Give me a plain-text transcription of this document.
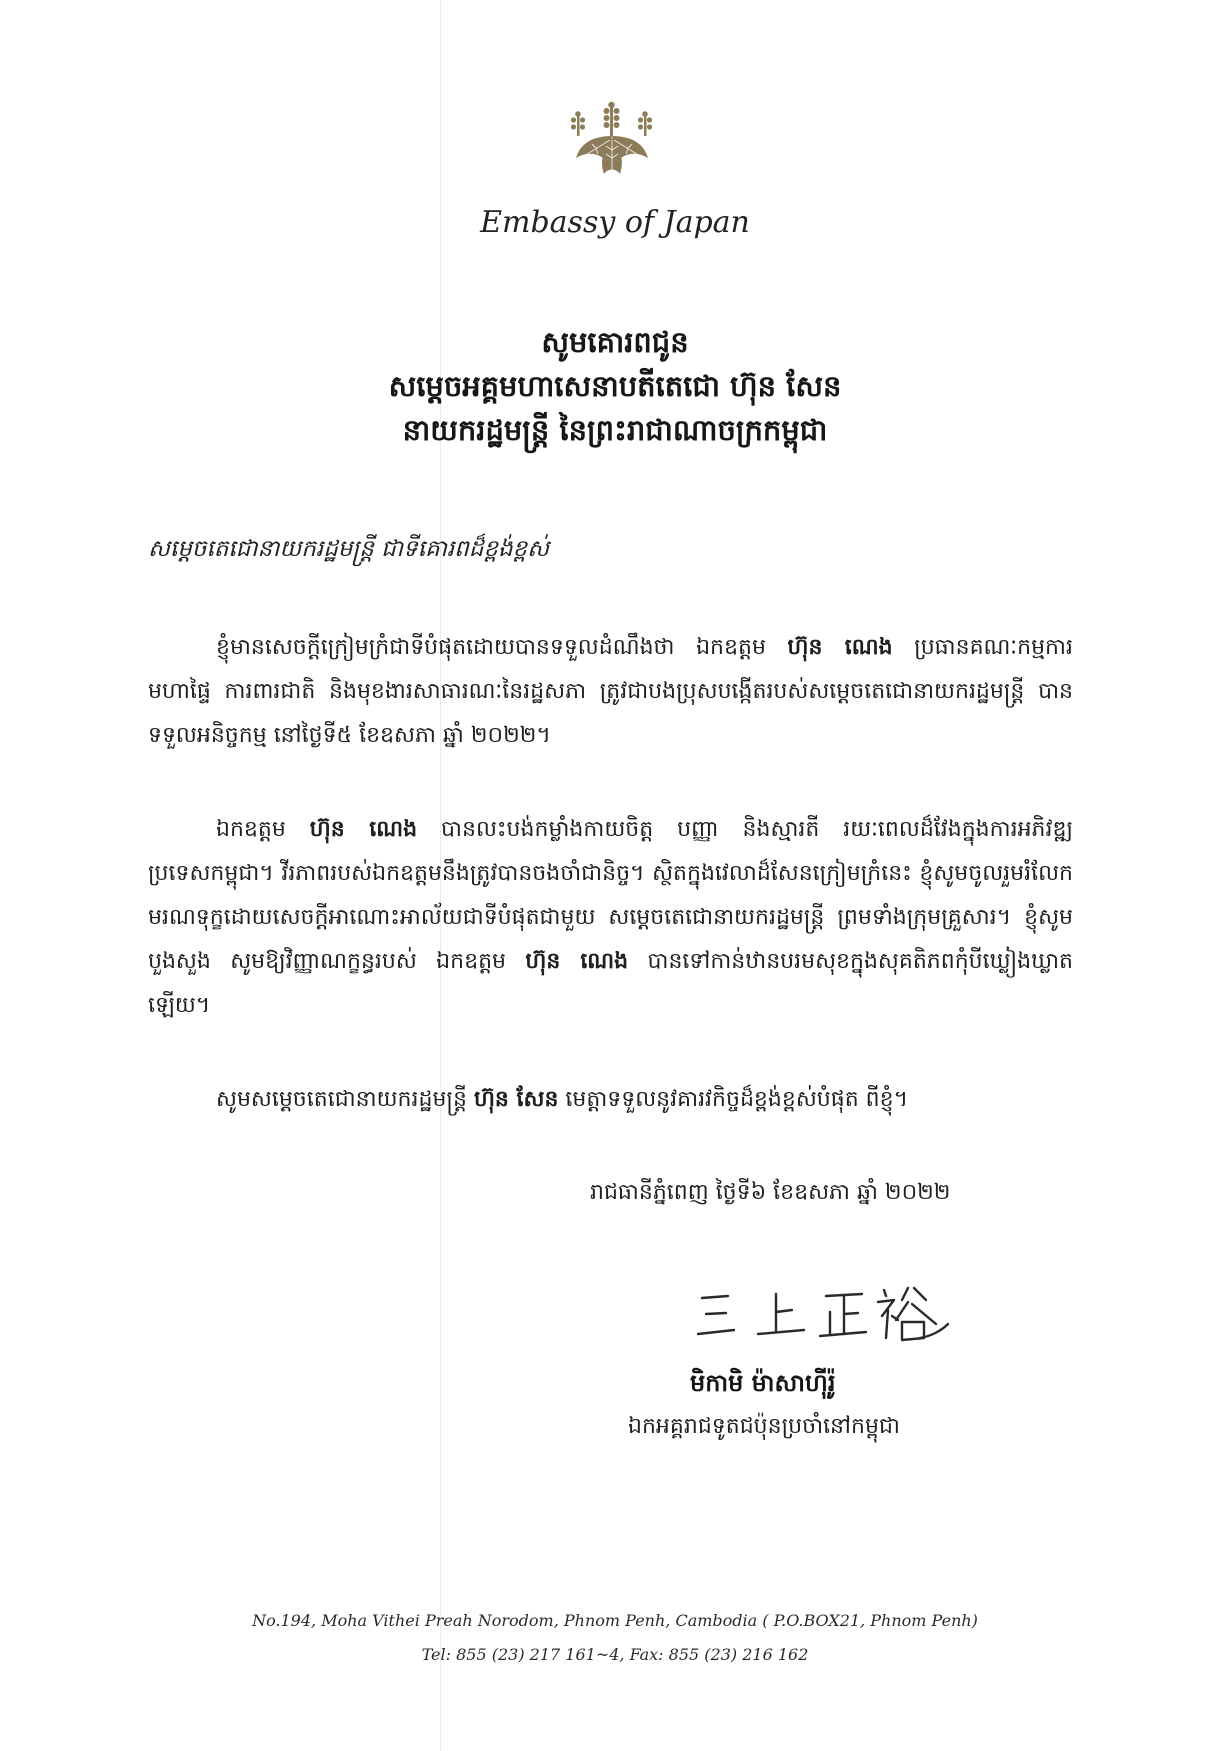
Embassy of Japan
សូមគោរពជូន
សម្ដេចអគ្គមហាសេនាបតីតេជោ ហ៊ុន សែន
នាយករដ្ឋមន្ត្រី នៃព្រះរាជាណាចក្រកម្ពុជា
សម្ដេចតេជោនាយករដ្ឋមន្ត្រី ជាទីគោរពដ៏ខ្ពង់ខ្ពស់
ខ្ញុំមានសេចក្ដីក្រៀមក្រំជាទីបំផុតដោយបានទទួលដំណឹងថា ឯកឧត្ដម ហ៊ុន ណេង ប្រធានគណៈកម្មការមហាផ្ទៃ ការពារជាតិ និងមុខងារសាធារណៈនៃរដ្ឋសភា ត្រូវជាបងប្រុសបង្កើតរបស់សម្ដេចតេជោនាយករដ្ឋមន្ត្រី បានទទួលអនិច្ចកម្ម នៅថ្ងៃទី៥ ខែឧសភា ឆ្នាំ ២០២២។
ឯកឧត្ដម ហ៊ុន ណេង បានលះបង់កម្លាំងកាយចិត្ត បញ្ញា និងស្មារតី រយៈពេលដ៏វែងក្នុងការអភិវឌ្ឍប្រទេសកម្ពុជា។ វីរភាពរបស់ឯកឧត្ដមនឹងត្រូវបានចងចាំជានិច្ច។ ស្ថិតក្នុងវេលាដ៏សែនក្រៀមក្រំនេះ ខ្ញុំសូមចូលរួមរំលែកមរណទុក្ខដោយសេចក្ដីអាណោះអាល័យជាទីបំផុតជាមួយ សម្ដេចតេជោនាយករដ្ឋមន្ត្រី ព្រមទាំងក្រុមគ្រួសារ។ ខ្ញុំសូមបួងសួង សូមឱ្យវិញ្ញាណក្ខន្ធរបស់ ឯកឧត្ដម ហ៊ុន ណេង បានទៅកាន់ឋានបរមសុខក្នុងសុគតិភពកុំបីឃ្លៀងឃ្លាតឡើយ។
សូមសម្ដេចតេជោនាយករដ្ឋមន្ត្រី ហ៊ុន សែន មេត្តាទទួលនូវគារវកិច្ចដ៏ខ្ពង់ខ្ពស់បំផុត ពីខ្ញុំ។
រាជធានីភ្នំពេញ ថ្ងៃទី៦ ខែឧសភា ឆ្នាំ ២០២២
មិកាមិ ម៉ាសាហ៊ីរ៉ូ
ឯកអគ្គរាជទូតជប៉ុនប្រចាំនៅកម្ពុជា
No.194, Moha Vithei Preah Norodom, Phnom Penh, Cambodia ( P.O.BOX21, Phnom Penh)
Tel: 855 (23) 217 161~4, Fax: 855 (23) 216 162
